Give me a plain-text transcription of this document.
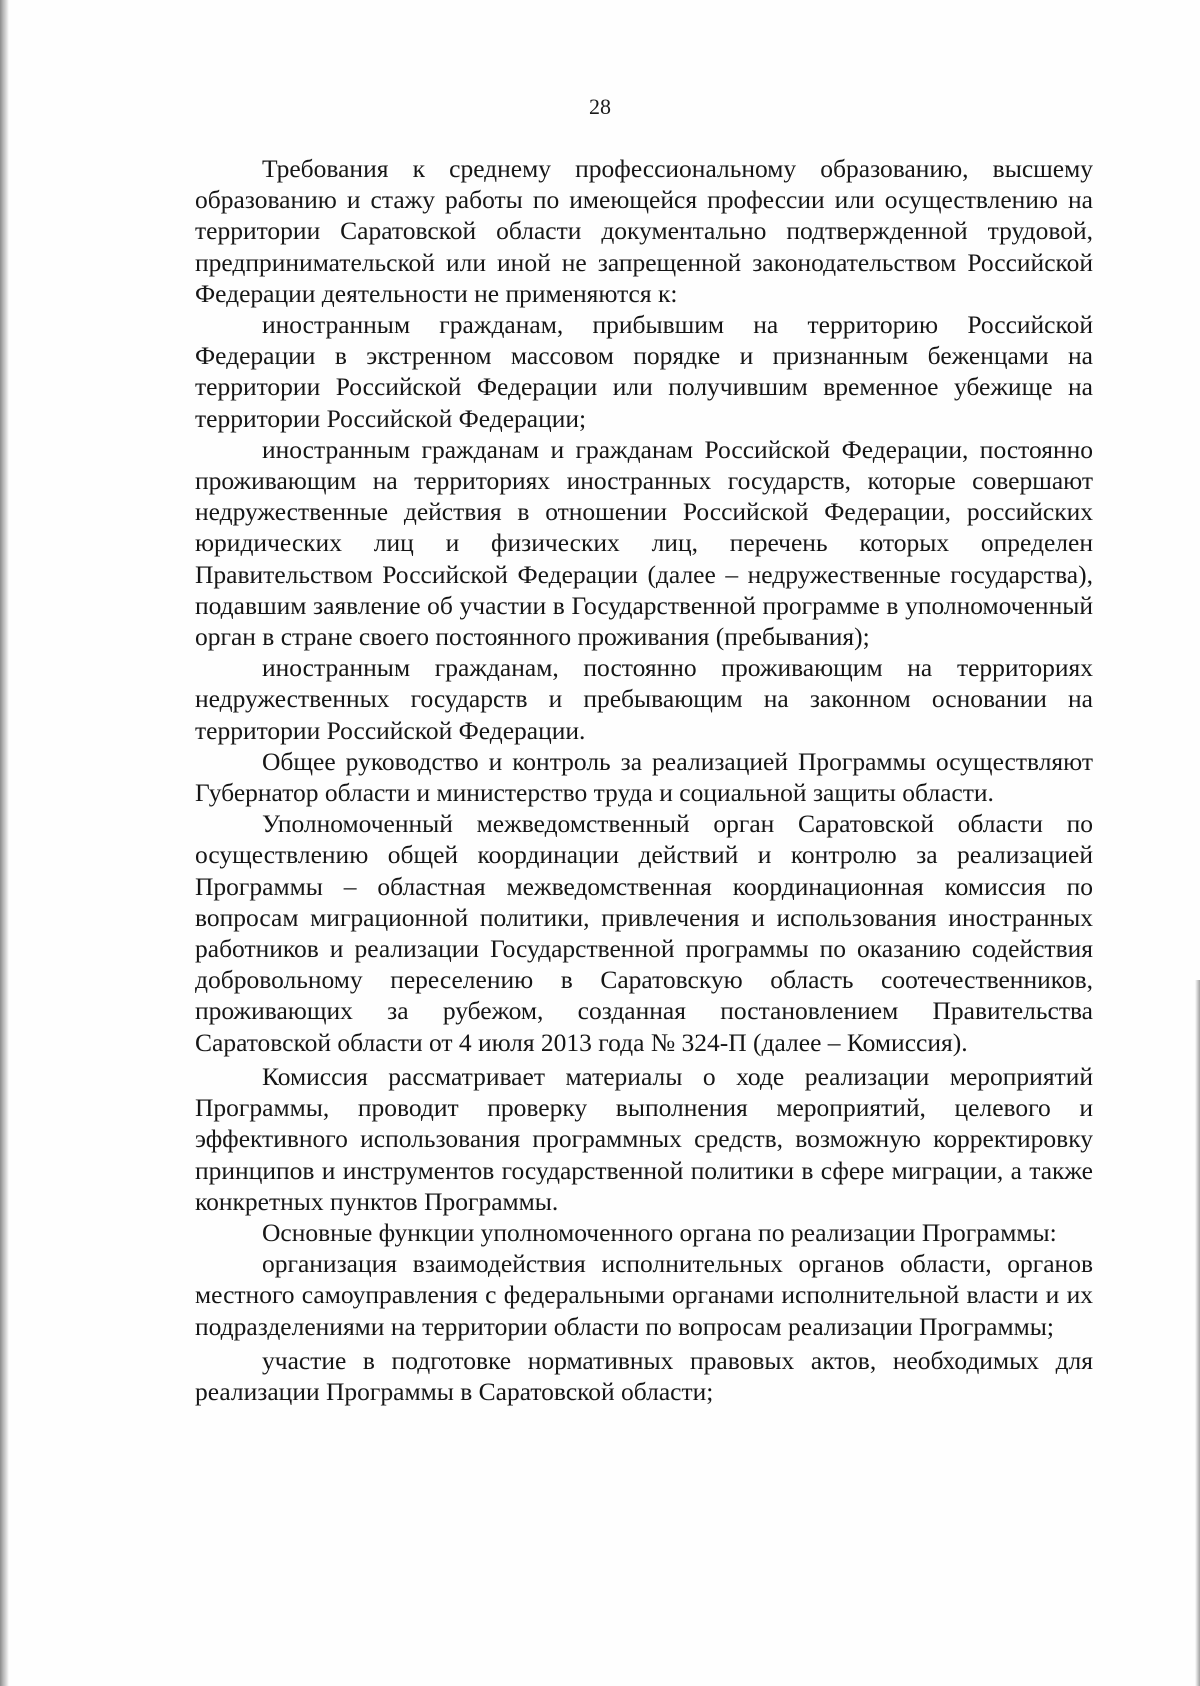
28

Требования к среднему профессиональному образованию, высшему образованию и стажу работы по имеющейся профессии или осуществлению на территории Саратовской области документально подтвержденной трудовой, предпринимательской или иной не запрещенной законодательством Российской Федерации деятельности не применяются к:

иностранным гражданам, прибывшим на территорию Российской Федерации в экстренном массовом порядке и признанным беженцами на территории Российской Федерации или получившим временное убежище на территории Российской Федерации;

иностранным гражданам и гражданам Российской Федерации, постоянно проживающим на территориях иностранных государств, которые совершают недружественные действия в отношении Российской Федерации, российских юридических лиц и физических лиц, перечень которых определен Правительством Российской Федерации (далее – недружественные государства), подавшим заявление об участии в Государственной программе в уполномоченный орган в стране своего постоянного проживания (пребывания);

иностранным гражданам, постоянно проживающим на территориях недружественных государств и пребывающим на законном основании на территории Российской Федерации.

Общее руководство и контроль за реализацией Программы осуществляют Губернатор области и министерство труда и социальной защиты области.

Уполномоченный межведомственный орган Саратовской области по осуществлению общей координации действий и контролю за реализацией Программы – областная межведомственная координационная комиссия по вопросам миграционной политики, привлечения и использования иностранных работников и реализации Государственной программы по оказанию содействия добровольному переселению в Саратовскую область соотечественников, проживающих за рубежом, созданная постановлением Правительства Саратовской области от 4 июля 2013 года № 324-П (далее – Комиссия).

Комиссия рассматривает материалы о ходе реализации мероприятий Программы, проводит проверку выполнения мероприятий, целевого и эффективного использования программных средств, возможную корректировку принципов и инструментов государственной политики в сфере миграции, а также конкретных пунктов Программы.

Основные функции уполномоченного органа по реализации Программы:

организация взаимодействия исполнительных органов области, органов местного самоуправления с федеральными органами исполнительной власти и их подразделениями на территории области по вопросам реализации Программы;

участие в подготовке нормативных правовых актов, необходимых для реализации Программы в Саратовской области;
